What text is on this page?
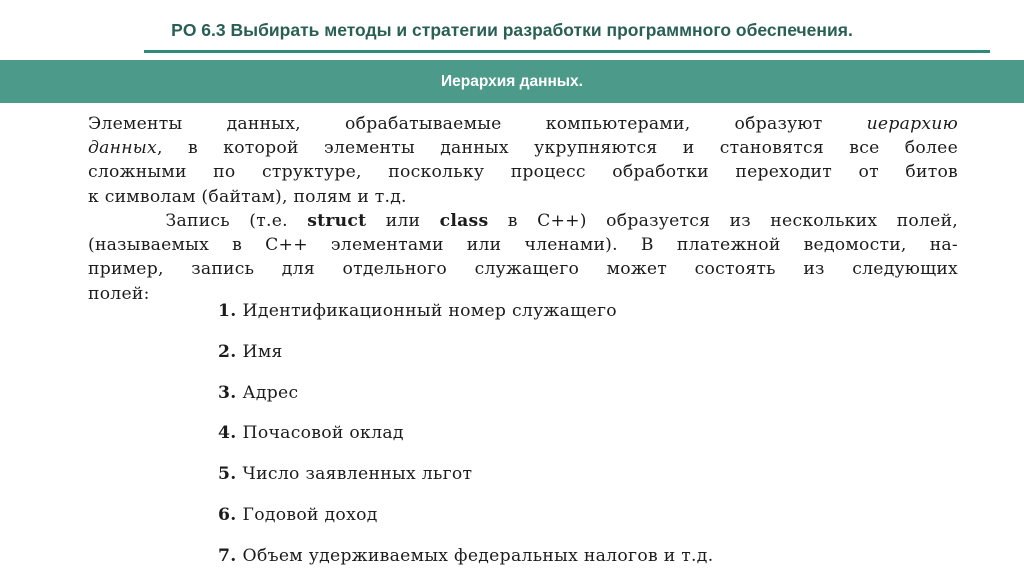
PO 6.3 Выбирать методы и стратегии разработки программного обеспечения.
Иерархия данных.
Элементы данных, обрабатываемые компьютерами, образуют	иерархию
данных, в которой элементы данных укрупняются и становятся все более
сложными по структуре, поскольку процесс обработки переходит от битов
к символам (байтам), полям и т.д.
Запись (т.е. struct или class в С++) образуется из нескольких полей,
(называемых в С++ элементами или членами). В платежной ведомости, на-
пример, запись для отдельного служащего может состоять из следующих
полей:
1. Идентификационный номер служащего
2. Имя
3. Адрес
4. Почасовой оклад
5. Число заявленных льгот
6. Годовой доход
7. Объем удерживаемых федеральных налогов и т.д.
